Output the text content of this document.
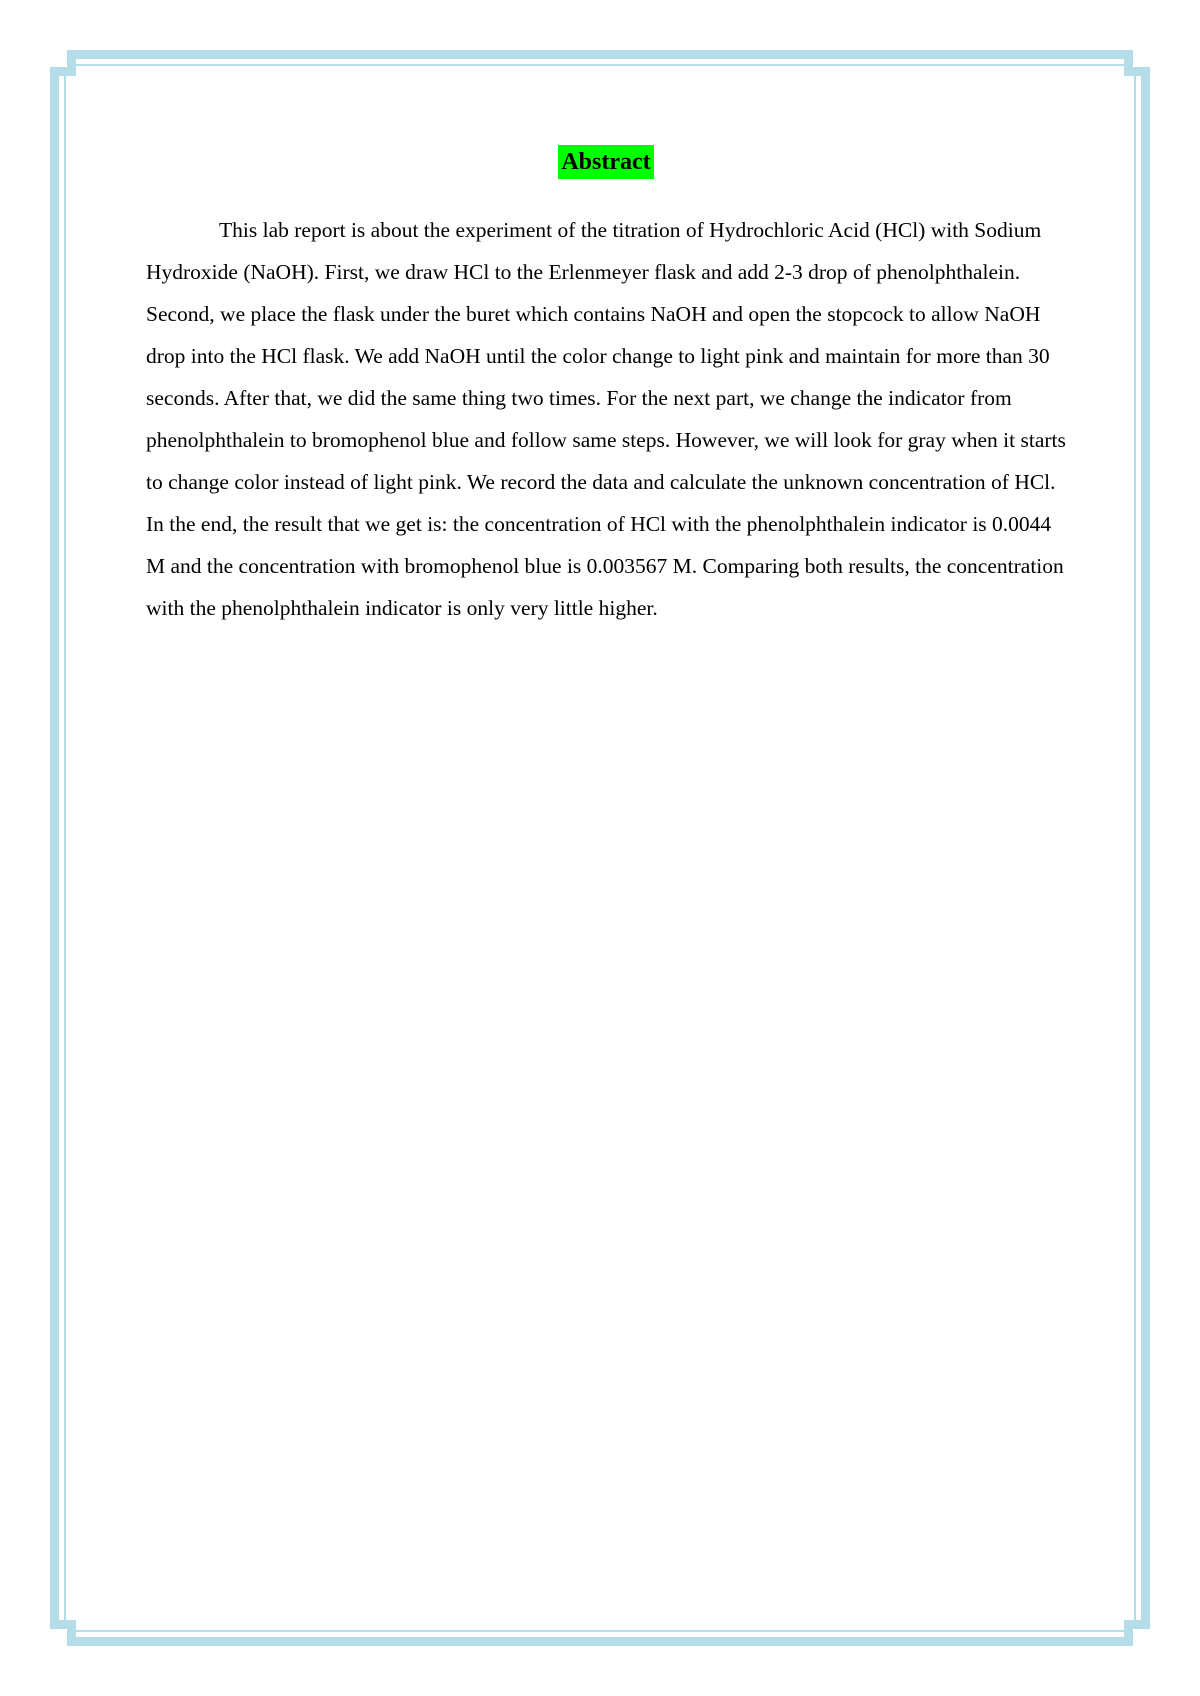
Abstract

This lab report is about the experiment of the titration of Hydrochloric Acid (HCl) with Sodium Hydroxide (NaOH). First, we draw HCl to the Erlenmeyer flask and add 2-3 drop of phenolphthalein. Second, we place the flask under the buret which contains NaOH and open the stopcock to allow NaOH drop into the HCl flask. We add NaOH until the color change to light pink and maintain for more than 30 seconds. After that, we did the same thing two times. For the next part, we change the indicator from phenolphthalein to bromophenol blue and follow same steps. However, we will look for gray when it starts to change color instead of light pink. We record the data and calculate the unknown concentration of HCl. In the end, the result that we get is: the concentration of HCl with the phenolphthalein indicator is 0.0044 M and the concentration with bromophenol blue is 0.003567 M. Comparing both results, the concentration with the phenolphthalein indicator is only very little higher.
